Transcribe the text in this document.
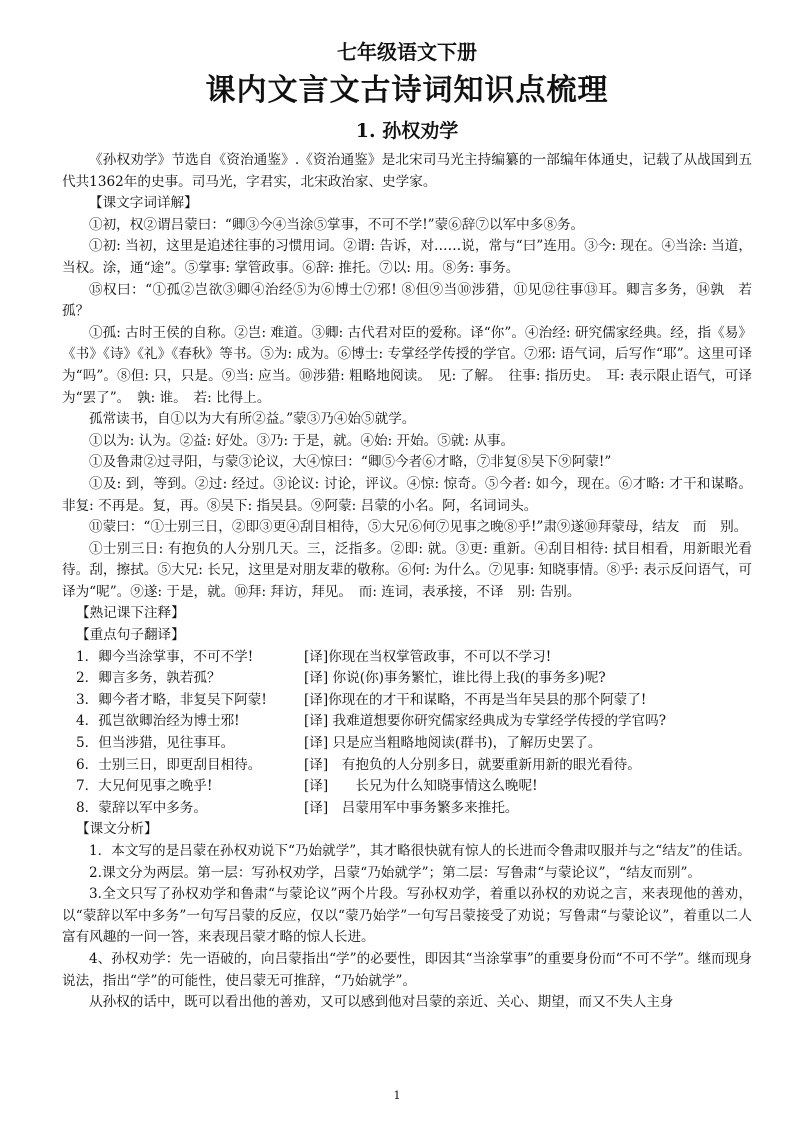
七年级语文下册
课内文言文古诗词知识点梳理
1. 孙权劝学

《孙权劝学》节选自《资治通鉴》.《资治通鉴》是北宋司马光主持编纂的一部编年体通史，记载了从战国到五代共1362年的史事。司马光，字君实，北宋政治家、史学家。

【课文字词详解】

①初，权②谓吕蒙曰：“卿③今④当涂⑤掌事，不可不学!”蒙⑥辞⑦以军中多⑧务。

①初: 当初，这里是追述往事的习惯用词。②谓: 告诉，对……说，常与“曰”连用。③今: 现在。④当涂: 当道，当权。涂，通“途”。⑤掌事: 掌管政事。⑥辞: 推托。⑦以: 用。⑧务: 事务。

⑮权曰：“①孤②岂欲③卿④治经⑤为⑥博士⑦邪! ⑧但⑨当⑩涉猎，⑪见⑫往事⑬耳。卿言多务，⑭孰　若孤？

①孤: 古时王侯的自称。②岂: 难道。③卿: 古代君对臣的爱称。译“你”。④治经: 研究儒家经典。经，指《易》《书》《诗》《礼》《春秋》等书。⑤为: 成为。⑥博士: 专掌经学传授的学官。⑦邪: 语气词，后写作“耶”。这里可译为“吗”。⑧但: 只，只是。⑨当: 应当。⑩涉猎: 粗略地阅读。　见: 了解。　往事: 指历史。　耳: 表示限止语气，可译为“罢了”。　孰: 谁。　若: 比得上。

孤常读书，自①以为大有所②益。”蒙③乃④始⑤就学。

①以为: 认为。②益: 好处。③乃: 于是，就。④始: 开始。⑤就: 从事。

①及鲁肃②过寻阳，与蒙③论议，大④惊曰：“卿⑤今者⑥才略，⑦非复⑧吴下⑨阿蒙!”

①及: 到，等到。②过: 经过。③论议: 讨论，评议。④惊: 惊奇。⑤今者: 如今，现在。⑥才略: 才干和谋略。非复: 不再是。复，再。⑧吴下: 指吴县。⑨阿蒙: 吕蒙的小名。阿，名词词头。

⑪蒙曰：“①士别三日，②即③更④刮目相待，⑤大兄⑥何⑦见事之晚⑧乎!”肃⑨遂⑩拜蒙母，结友　而　别。

①士别三日: 有抱负的人分别几天。三，泛指多。②即: 就。③更: 重新。④刮目相待: 拭目相看，用新眼光看待。刮，擦拭。⑤大兄: 长兄，这里是对朋友辈的敬称。⑥何: 为什么。⑦见事: 知晓事情。⑧乎: 表示反问语气，可译为“呢”。⑨遂: 于是，就。⑩拜: 拜访，拜见。　而: 连词，表承接，不译　别: 告别。

【熟记课下注释】

【重点句子翻译】

1．卿今当涂掌事，不可不学!	[译]你现在当权掌管政事，不可以不学习!
2．卿言多务，孰若孤？	[译] 你说(你)事务繁忙，谁比得上我(的事务多)呢?
3．卿今者才略，非复吴下阿蒙!	[译]你现在的才干和谋略，不再是当年吴县的那个阿蒙了!
4．孤岂欲卿治经为博士邪!	[译] 我难道想要你研究儒家经典成为专掌经学传授的学官吗?
5．但当涉猎，见往事耳。	[译] 只是应当粗略地阅读(群书)，了解历史罢了。
6．士别三日，即更刮目相待。	[译]　有抱负的人分别多日，就要重新用新的眼光看待。
7．大兄何见事之晚乎!	[译]　　长兄为什么知晓事情这么晚呢!
8．蒙辞以军中多务。	[译]　吕蒙用军中事务繁多来推托。

【课文分析】

1．本文写的是吕蒙在孙权劝说下“乃始就学”，其才略很快就有惊人的长进而令鲁肃叹服并与之“结友”的佳话。

2.课文分为两层。第一层：写孙权劝学，吕蒙“乃始就学”；第二层：写鲁肃“与蒙论议”，“结友而别”。

3.全文只写了孙权劝学和鲁肃“与蒙论议”两个片段。写孙权劝学，着重以孙权的劝说之言，来表现他的善劝，以“蒙辞以军中多务”一句写吕蒙的反应，仅以“蒙乃始学”一句写吕蒙接受了劝说；写鲁肃“与蒙论议”，着重以二人富有风趣的一问一答，来表现吕蒙才略的惊人长进。

4、孙权劝学：先一语破的，向吕蒙指出“学”的必要性，即因其“当涂掌事”的重要身份而“不可不学”。继而现身说法，指出“学”的可能性，使吕蒙无可推辞，“乃始就学”。

从孙权的话中，既可以看出他的善劝，又可以感到他对吕蒙的亲近、关心、期望，而又不失人主身

1
